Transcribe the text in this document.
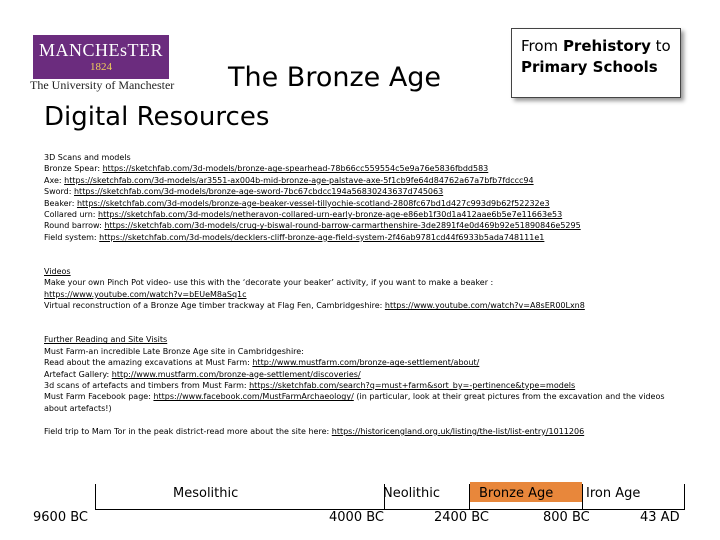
MANCHEsTER
1824
The University of Manchester The Bronze Age
Digital Resources
From Prehistory to
Primary Schools

3D Scans and models

Bronze Spear: https://sketchfab.com/3d-models/bronze-age-spearhead-78b66cc559554c5e9a76e5836fbdd583

Axe: https://sketchfab.com/3d-models/ar3551-ax004b-mid-bronze-age-palstave-axe-5f1cb9fe64d84762a67a7bfb7fdccc94

Sword: https://sketchfab.com/3d-models/bronze-age-sword-7bc67cbdcc194a56830243637d745063

Beaker: https://sketchfab.com/3d-models/bronze-age-beaker-vessel-tillyochie-scotland-2808fc67bd1d427c993d9b62f52232e3

Collared urn: https://sketchfab.com/3d-models/netheravon-collared-urn-early-bronze-age-e86eb1f30d1a412aae6b5e7e11663e53

Round barrow: https://sketchfab.com/3d-models/crug-y-biswal-round-barrow-carmarthenshire-3de2891f4e0d469b92e51890846e5295

Field system: https://sketchfab.com/3d-models/decklers-cliff-bronze-age-field-system-2f46ab9781cd44f6933b5ada748111e1

Videos

Make your own Pinch Pot video- use this with the ‘decorate your beaker’ activity, if you want to make a beaker :

https://www.youtube.com/watch?v=bEUeM8aSq1c

Virtual reconstruction of a Bronze Age timber trackway at Flag Fen, Cambridgeshire: https://www.youtube.com/watch?v=A8sER00Lxn8

Further Reading and Site Visits

Must Farm-an incredible Late Bronze Age site in Cambridgeshire:

Read about the amazing excavations at Must Farm: http://www.mustfarm.com/bronze-age-settlement/about/

Artefact Gallery: http://www.mustfarm.com/bronze-age-settlement/discoveries/

3d scans of artefacts and timbers from Must Farm: https://sketchfab.com/search?q=must+farm&sort_by=-pertinence&type=models

Must Farm Facebook page: https://www.facebook.com/MustFarmArchaeology/ (in particular, look at their great pictures from the excavation and the videos about artefacts!)

Field trip to Mam Tor in the peak district-read more about the site here: https://historicengland.org.uk/listing/the-list/list-entry/1011206

Mesolithic	Neolithic	Bronze Age	Iron Age
9600 BC	4000 BC	2400 BC	800 BC	43 AD
